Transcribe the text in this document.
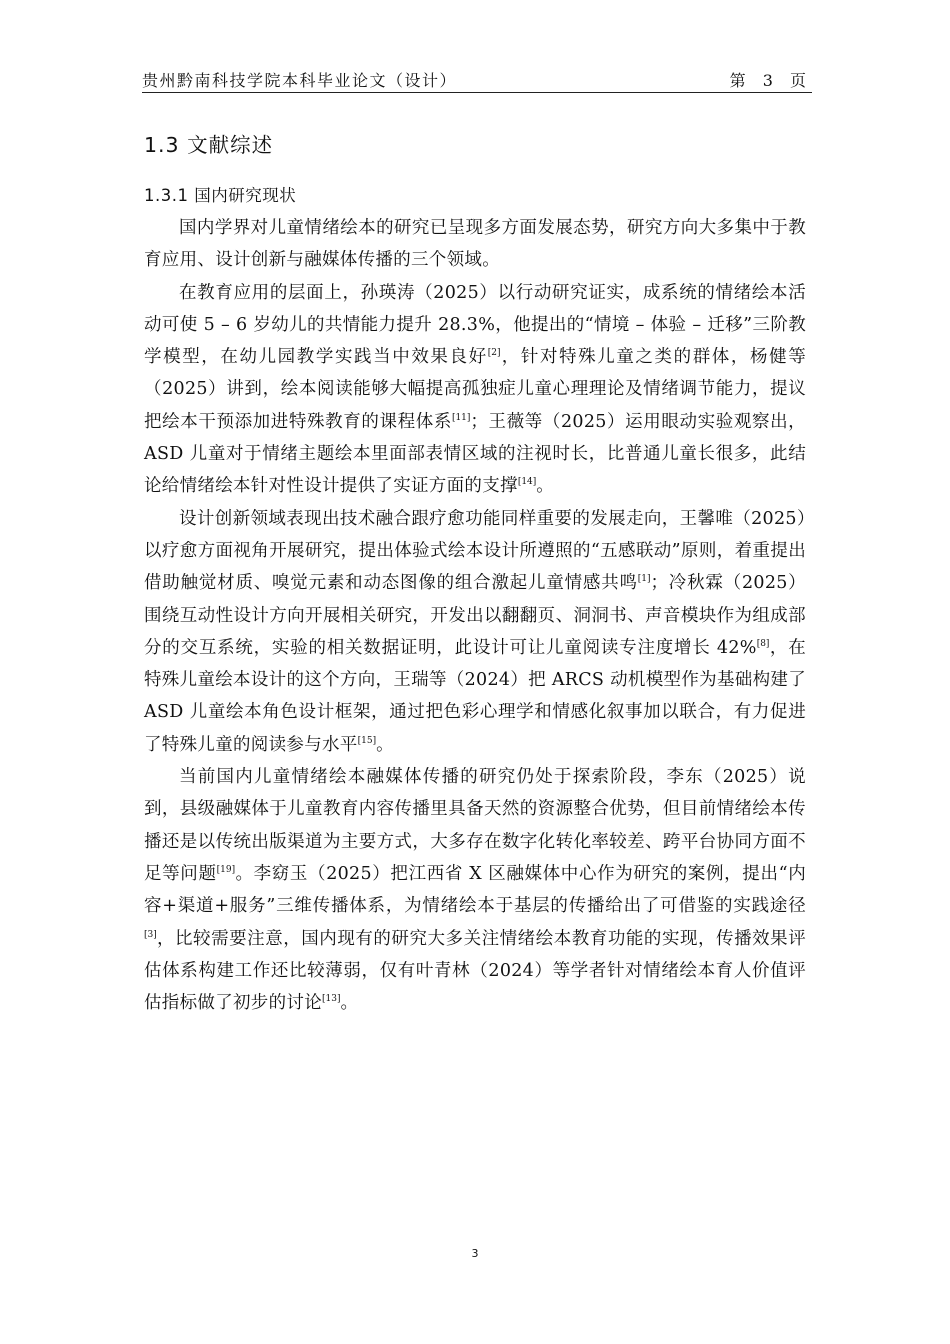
贵州黔南科技学院本科毕业论文（设计）	第 3 页
1.3 文献综述
1.3.1 国内研究现状

国内学界对儿童情绪绘本的研究已呈现多方面发展态势，研究方向大多集中于教育应用、设计创新与融媒体传播的三个领域。

在教育应用的层面上，孙瑛涛（2025）以行动研究证实，成系统的情绪绘本活动可使 5 – 6 岁幼儿的共情能力提升 28.3%，他提出的“情境 – 体验 – 迁移”三阶教学模型，在幼儿园教学实践当中效果良好[2]，针对特殊儿童之类的群体，杨健等（2025）讲到，绘本阅读能够大幅提高孤独症儿童心理理论及情绪调节能力，提议把绘本干预添加进特殊教育的课程体系[11]；王薇等（2025）运用眼动实验观察出，ASD 儿童对于情绪主题绘本里面部表情区域的注视时长，比普通儿童长很多，此结论给情绪绘本针对性设计提供了实证方面的支撑[14]。

设计创新领域表现出技术融合跟疗愈功能同样重要的发展走向，王馨唯（2025）以疗愈方面视角开展研究，提出体验式绘本设计所遵照的“五感联动”原则，着重提出借助触觉材质、嗅觉元素和动态图像的组合激起儿童情感共鸣[1]；冷秋霖（2025）围绕互动性设计方向开展相关研究，开发出以翻翻页、洞洞书、声音模块作为组成部分的交互系统，实验的相关数据证明，此设计可让儿童阅读专注度增长 42%[8]，在特殊儿童绘本设计的这个方向，王瑞等（2024）把 ARCS 动机模型作为基础构建了 ASD 儿童绘本角色设计框架，通过把色彩心理学和情感化叙事加以联合，有力促进了特殊儿童的阅读参与水平[15]。

当前国内儿童情绪绘本融媒体传播的研究仍处于探索阶段，李东（2025）说到，县级融媒体于儿童教育内容传播里具备天然的资源整合优势，但目前情绪绘本传播还是以传统出版渠道为主要方式，大多存在数字化转化率较差、跨平台协同方面不足等问题[19]。李窈玉（2025）把江西省 X 区融媒体中心作为研究的案例，提出“内容+渠道+服务”三维传播体系，为情绪绘本于基层的传播给出了可借鉴的实践途径[3]，比较需要注意，国内现有的研究大多关注情绪绘本教育功能的实现，传播效果评估体系构建工作还比较薄弱，仅有叶青林（2024）等学者针对情绪绘本育人价值评估指标做了初步的讨论[13]。

3
